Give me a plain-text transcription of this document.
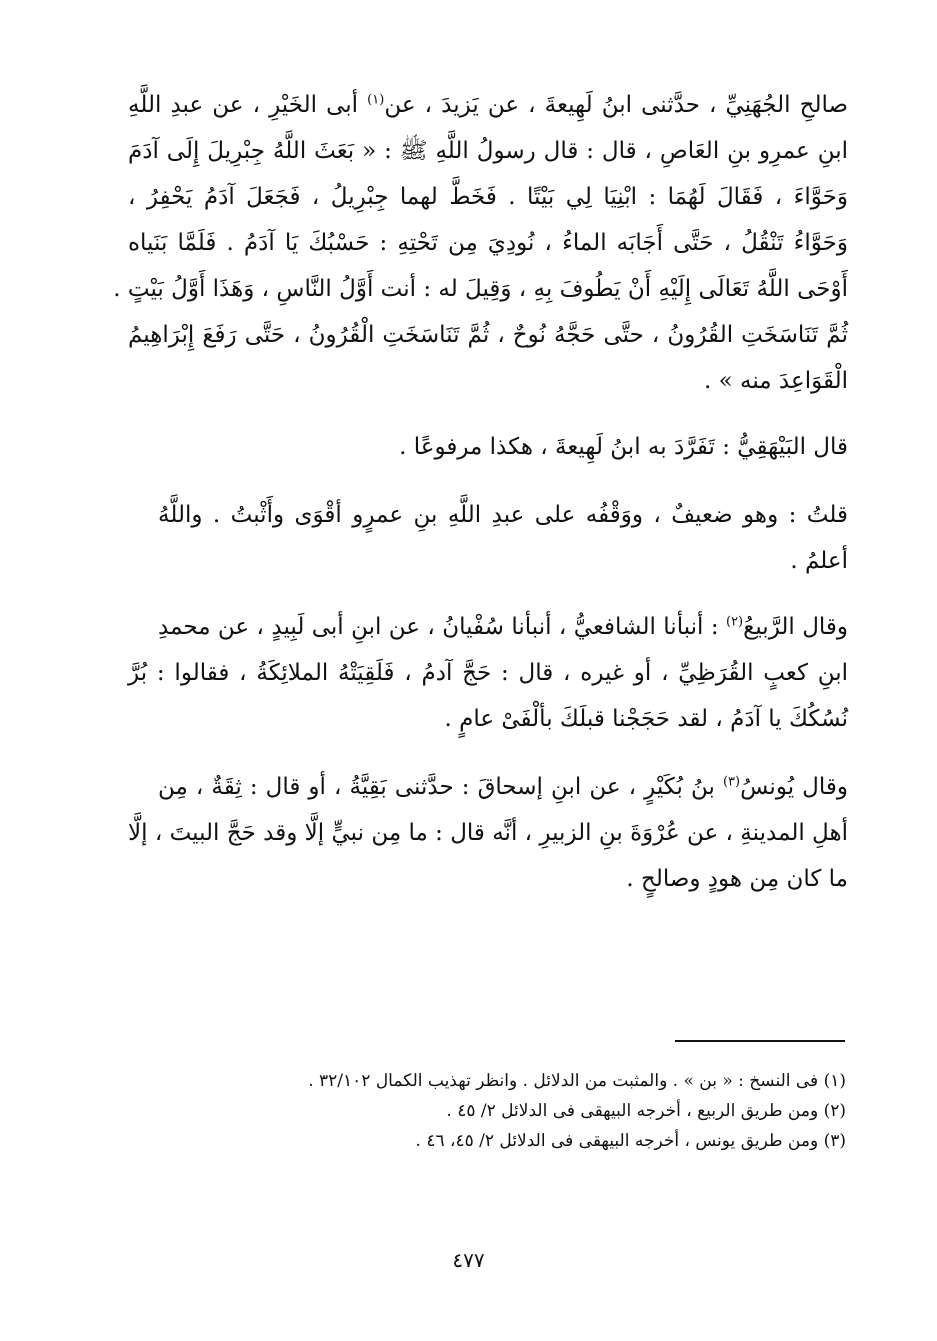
صالحِ الجُهَنِيِّ ، حدَّثنى ابنُ لَهِيعةَ ، عن يَزيدَ ، عن$^{(١)}$ أبى الخَيْرِ ، عن عبدِ اللَّهِ
ابنِ عمرِو بنِ العَاصِ ، قال : قال رسولُ اللَّهِ ﷺ : « بَعَثَ اللَّهُ جِبْرِيلَ إِلَى آدَمَ
وَحَوَّاءَ ، فَقَالَ لَهُمَا : ابْنِيَا لِي بَيْتًا . فَخَطَّ لهما جِبْرِيلُ ، فَجَعَلَ آدَمُ يَحْفِرُ ،
وَحَوَّاءُ تَنْقُلُ ، حَتَّى أَجَابَه الماءُ ، نُودِيَ مِن تَحْتِهِ : حَسْبُكَ يَا آدَمُ . فَلَمَّا بَنَياه
أَوْحَى اللَّهُ تَعَالَى إِلَيْهِ أَنْ يَطُوفَ بِهِ ، وَقِيلَ له : أنت أَوَّلُ النَّاسِ ، وَهَذَا أَوَّلُ بَيْتٍ .
ثُمَّ تَنَاسَخَتِ القُرُونُ ، حتَّى حَجَّهُ نُوحٌ ، ثُمَّ تَنَاسَخَتِ الْقُرُونُ ، حَتَّى رَفَعَ إِبْرَاهِيمُ
الْقَوَاعِدَ منه » .
قال البَيْهَقِيُّ : تَفَرَّدَ به ابنُ لَهِيعةَ ، هكذا مرفوعًا .
قلتُ : وهو ضعيفٌ ، ووَقْفُه على عبدِ اللَّهِ بنِ عمرٍو أقْوَى وأَثْبتُ . واللَّهُ
أعلمُ .
وقال الرَّبيعُ$^{(٢)}$ : أنبأنا الشافعيُّ ، أنبأنا سُفْيانُ ، عن ابنِ أبى لَبِيدٍ ، عن محمدِ
ابنِ كعبٍ القُرَظِيِّ ، أو غيره ، قال : حَجَّ آدمُ ، فَلَقِيَتْهُ الملائِكَةُ ، فقالوا : بُرَّ
نُسُكُكَ يا آدَمُ ، لقد حَجَجْنا قبلَكَ بألْفَىْ عامٍ .
وقال يُونسُ$^{(٣)}$ بنُ بُكَيْرٍ ، عن ابنِ إسحاقَ : حدَّثنى بَقِيَّةُ ، أو قال : ثِقَةٌ ، مِن
أهلِ المدينةِ ، عن عُرْوَةَ بنِ الزبيرِ ، أنَّه قال : ما مِن نبيٍّ إلَّا وقد حَجَّ البيتَ ، إلَّا
ما كان مِن هودٍ وصالحٍ .
(١) فى النسخ : « بن » . والمثبت من الدلائل . وانظر تهذيب الكمال ٣٢/١٠٢ .
(٢) ومن طريق الربيع ، أخرجه البيهقى فى الدلائل ٢/ ٤٥ .
(٣) ومن طريق يونس ، أخرجه البيهقى فى الدلائل ٢/ ٤٥، ٤٦ .
٤٧٧
